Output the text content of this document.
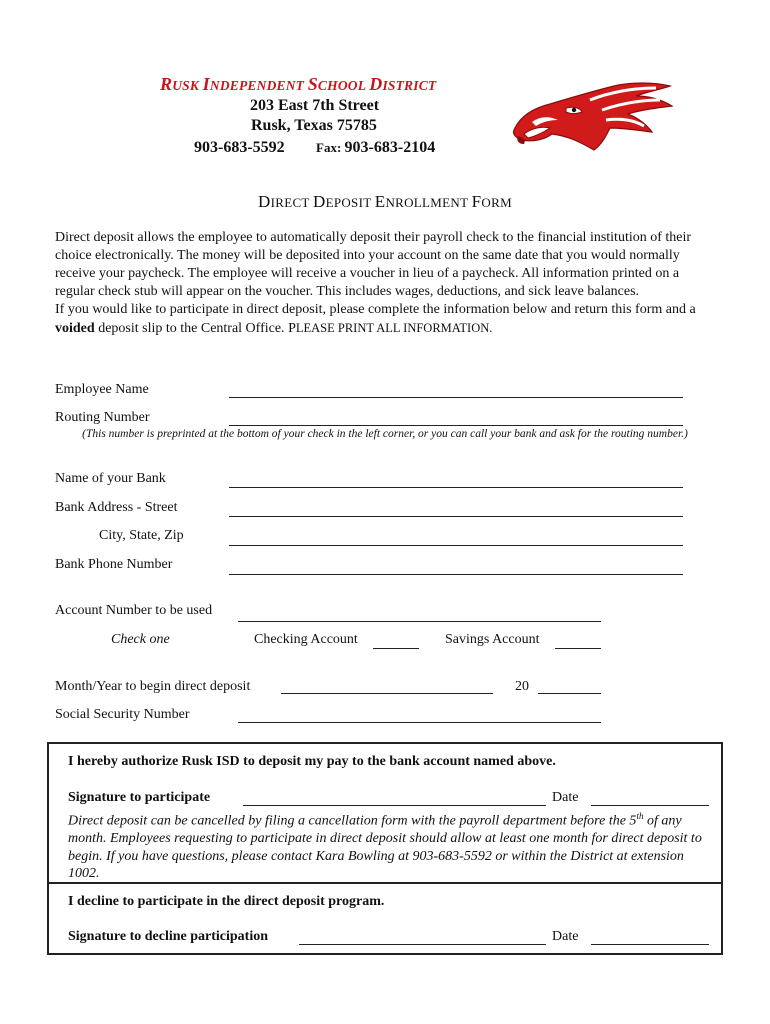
RUSK INDEPENDENT SCHOOL DISTRICT
203 East 7th Street
Rusk, Texas 75785
903-683-5592 Fax: 903-683-2104
DIRECT DEPOSIT ENROLLMENT FORM

Direct deposit allows the employee to automatically deposit their payroll check to the financial institution of their choice electronically. The money will be deposited into your account on the same date that you would normally receive your paycheck. The employee will receive a voucher in lieu of a paycheck. All information printed on a regular check stub will appear on the voucher. This includes wages, deductions, and sick leave balances.

If you would like to participate in direct deposit, please complete the information below and return this form and a voided deposit slip to the Central Office. PLEASE PRINT ALL INFORMATION.

Employee Name
Routing Number
(This number is preprinted at the bottom of your check in the left corner, or you can call your bank and ask for the routing number.)
Name of your Bank
Bank Address - Street
City, State, Zip
Bank Phone Number
Account Number to be used
Check one	Checking Account	Savings Account
Month/Year to begin direct deposit	20
Social Security Number
I hereby authorize Rusk ISD to deposit my pay to the bank account named above.
Signature to participate	Date
Direct deposit can be cancelled by filing a cancellation form with the payroll department before the 5th of any month. Employees requesting to participate in direct deposit should allow at least one month for direct deposit to begin. If you have questions, please contact Kara Bowling at 903-683-5592 or within the District at extension 1002.
I decline to participate in the direct deposit program.
Signature to decline participation	Date
